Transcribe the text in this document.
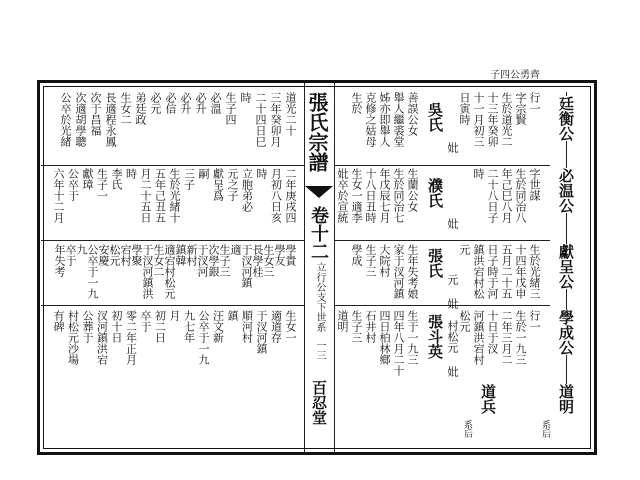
子四公勇齊
張氏宗譜
卷十二
立行公支下世系
一三
百忍堂
廷衡公
必温公
獻呈公
學成公
道明
系后
道兵
系后
行一
字宗賢
生於道光二
十三年癸卯
十一月初三
日寅時
妣
吳氏
善誤公女
舉人繼裘堂
姊亦即舉人
克修之姑母
生於
字世謀
生於同治八
年己巳八月
二十八日子
時
妣
濮氏
生蘭公女
生於同治七
年戊辰七月
十八日丑時
生女一適李
妣卒於宣統
生於光緒三
十四年戊申
五月二十五
日子時于河
鎮洪宕村松
元
元 妣
張氏
生年失考娘
家于汊河鎮
大院村
生子三
學成
行一
生於一九三
二年三月二
十日于汊
河鎮洪宕村
松元
村松元 妣
張斗英
生于一九三
四年八月二十
四日柏林鄉
石井村
生子三
道明
道光二十
三年癸卯月
二十四日巳
時
生子四
必溫
必升
必升
必信
必元
弟廷政
生女二
長適程永鳳
次于昌福
次適胡學聰
公卒於光緒
二年庚戌四
月初八日亥
時
立胞弟必
元之子
獻呈爲
嗣
三子
生於光緒十
五年己丑五
月二十五日
時
李氏
生子一
獻璋
公卒于
六年十二月
學貴
學友
生女三
長學桂
于汊河鎮
適
生子三
次學銀
于汊河
新村
鎮韓
適宕村松元
生女二
于汊河鎮洪
學聚
宕村
松元
安慶
公卒于一九
九
卒于
年失考
生女一
適道存
于汊河鎮
順河村
鎮
汪文新
公卒于一九
九七年
月
初二日
卒于
零二年正月
初十日
汊河鎮洪宕
公葬于
村松元沙場
有碑
